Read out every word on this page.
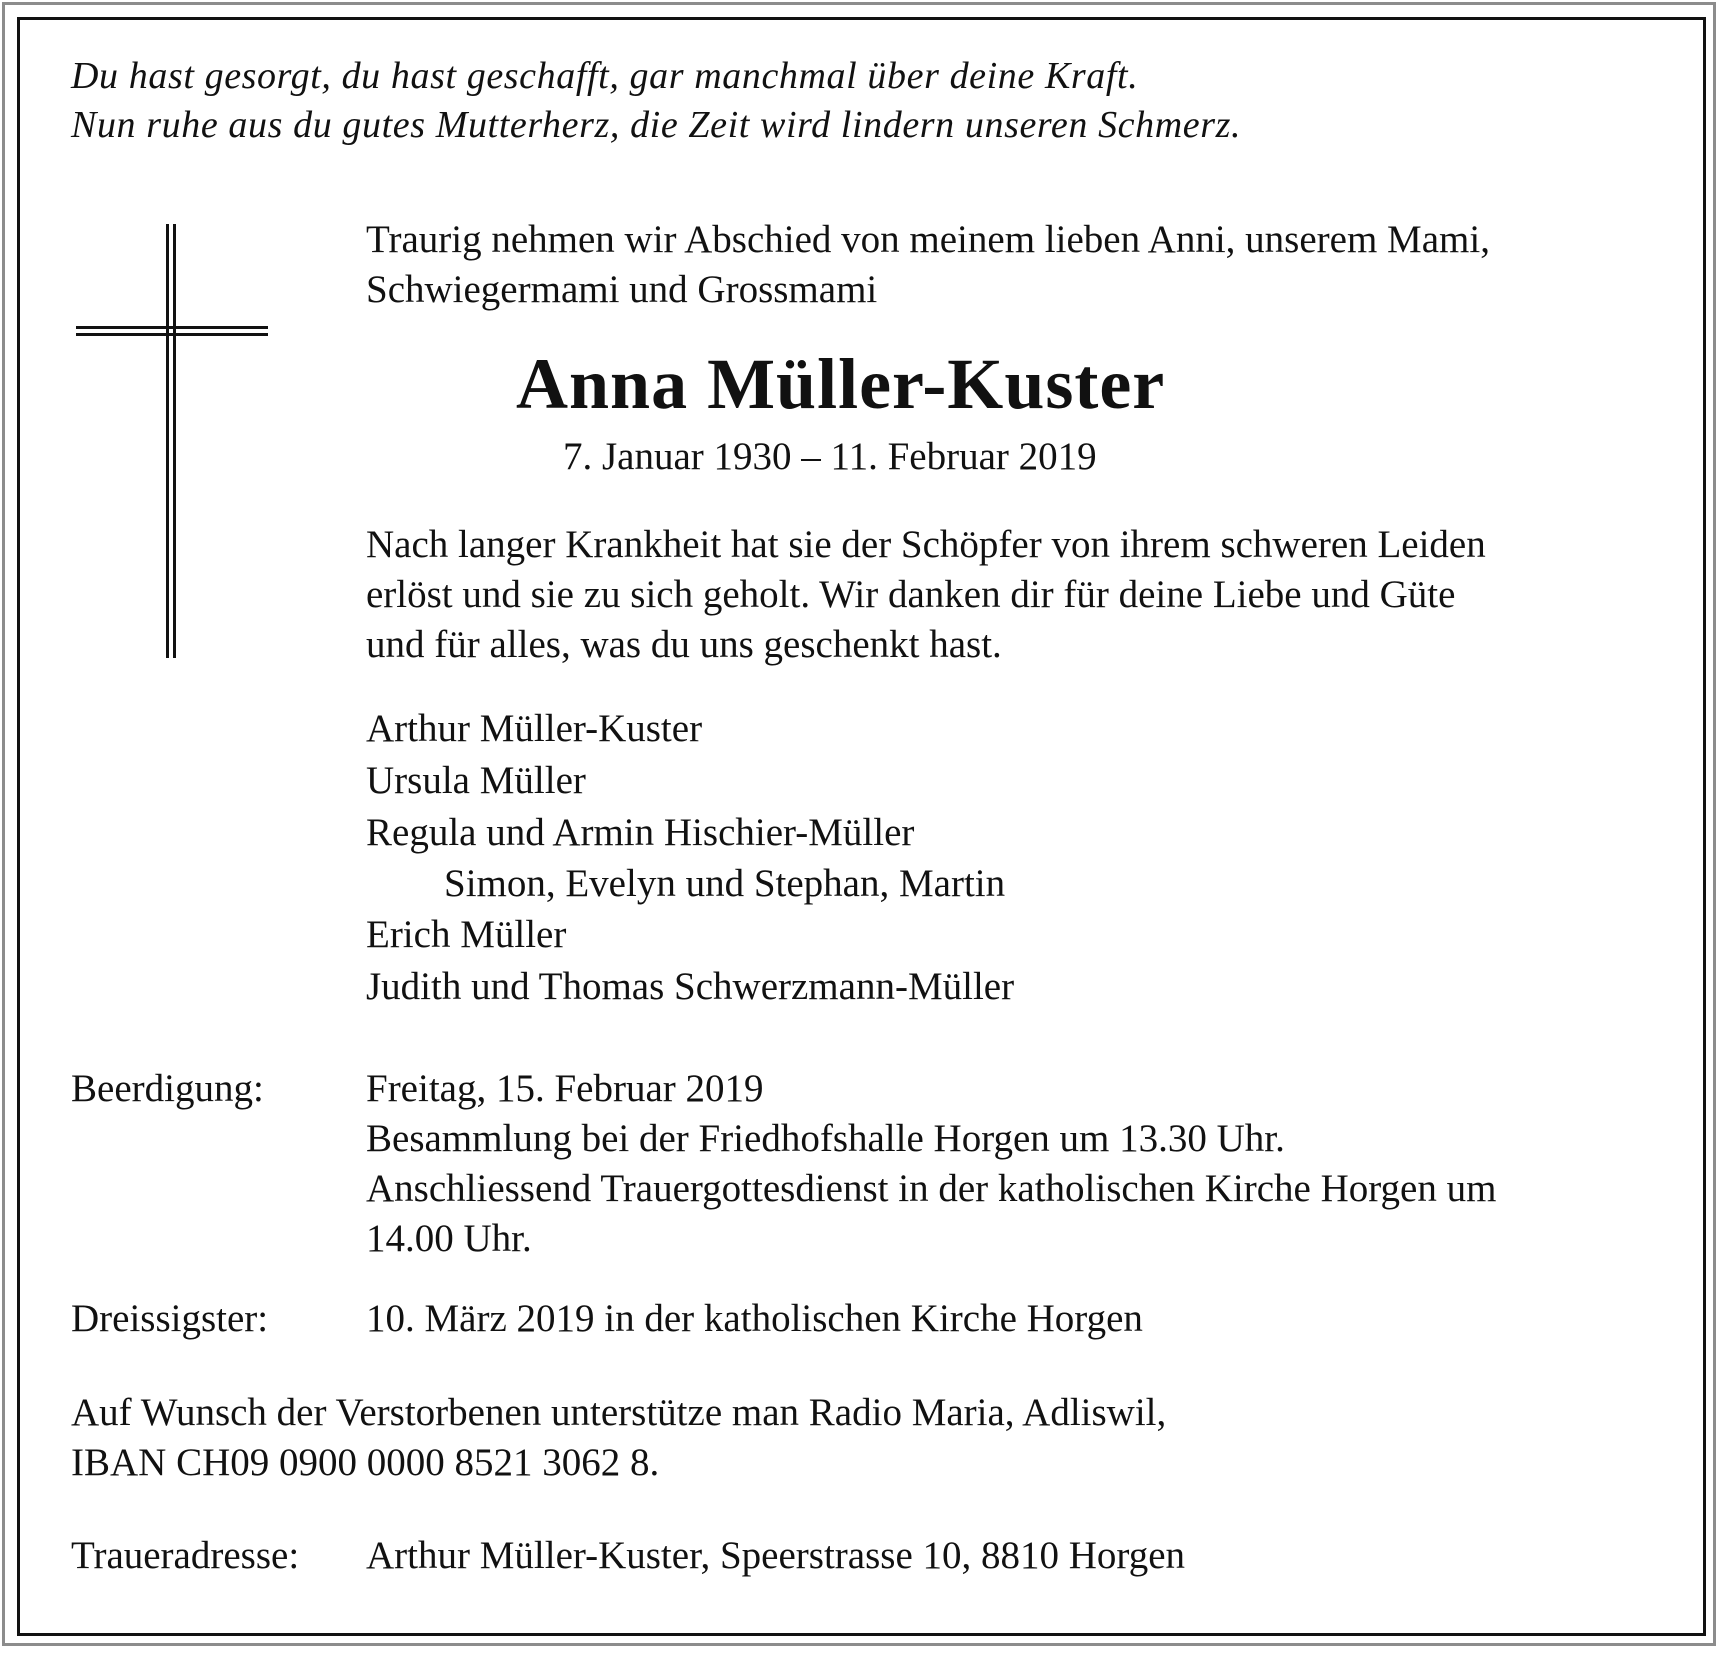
Du hast gesorgt, du hast geschafft, gar manchmal über deine Kraft.
Nun ruhe aus du gutes Mutterherz, die Zeit wird lindern unseren Schmerz.

Traurig nehmen wir Abschied von meinem lieben Anni, unserem Mami,
Schwiegermami und Grossmami

Anna Müller-Kuster

7. Januar 1930 – 11. Februar 2019

Nach langer Krankheit hat sie der Schöpfer von ihrem schweren Leiden
erlöst und sie zu sich geholt. Wir danken dir für deine Liebe und Güte
und für alles, was du uns geschenkt hast.

Arthur Müller-Kuster
Ursula Müller
Regula und Armin Hischier-Müller
Simon, Evelyn und Stephan, Martin
Erich Müller
Judith und Thomas Schwerzmann-Müller

Beerdigung:	Freitag, 15. Februar 2019
Besammlung bei der Friedhofshalle Horgen um 13.30 Uhr.
Anschliessend Trauergottesdienst in der katholischen Kirche Horgen um
14.00 Uhr.

Dreissigster:	10. März 2019 in der katholischen Kirche Horgen

Auf Wunsch der Verstorbenen unterstütze man Radio Maria, Adliswil,
IBAN CH09 0900 0000 8521 3062 8.

Traueradresse: Arthur Müller-Kuster, Speerstrasse 10, 8810 Horgen
